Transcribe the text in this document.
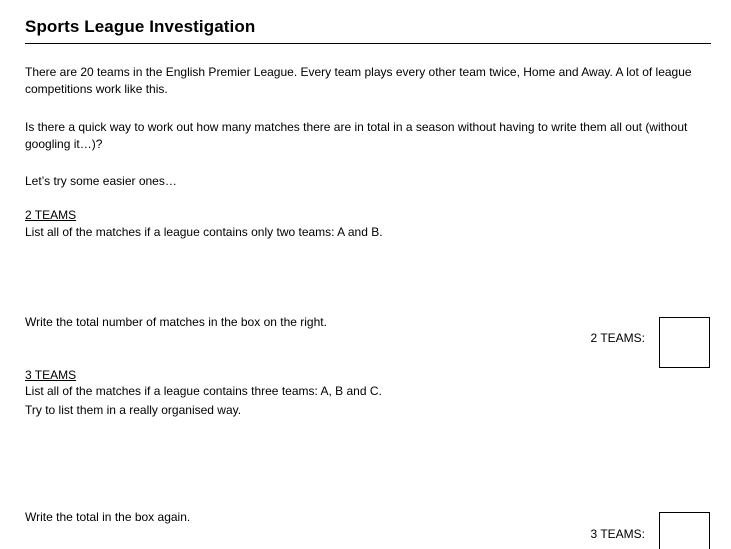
Sports League Investigation
There are 20 teams in the English Premier League. Every team plays every other team twice, Home and Away. A lot of league competitions work like this.
Is there a quick way to work out how many matches there are in total in a season without having to write them all out (without googling it…)?
Let’s try some easier ones…
2 TEAMS
List all of the matches if a league contains only two teams: A and B.
Write the total number of matches in the box on the right.
2 TEAMS:
3 TEAMS
List all of the matches if a league contains three teams: A, B and C.
Try to list them in a really organised way.
Write the total in the box again.
3 TEAMS:
